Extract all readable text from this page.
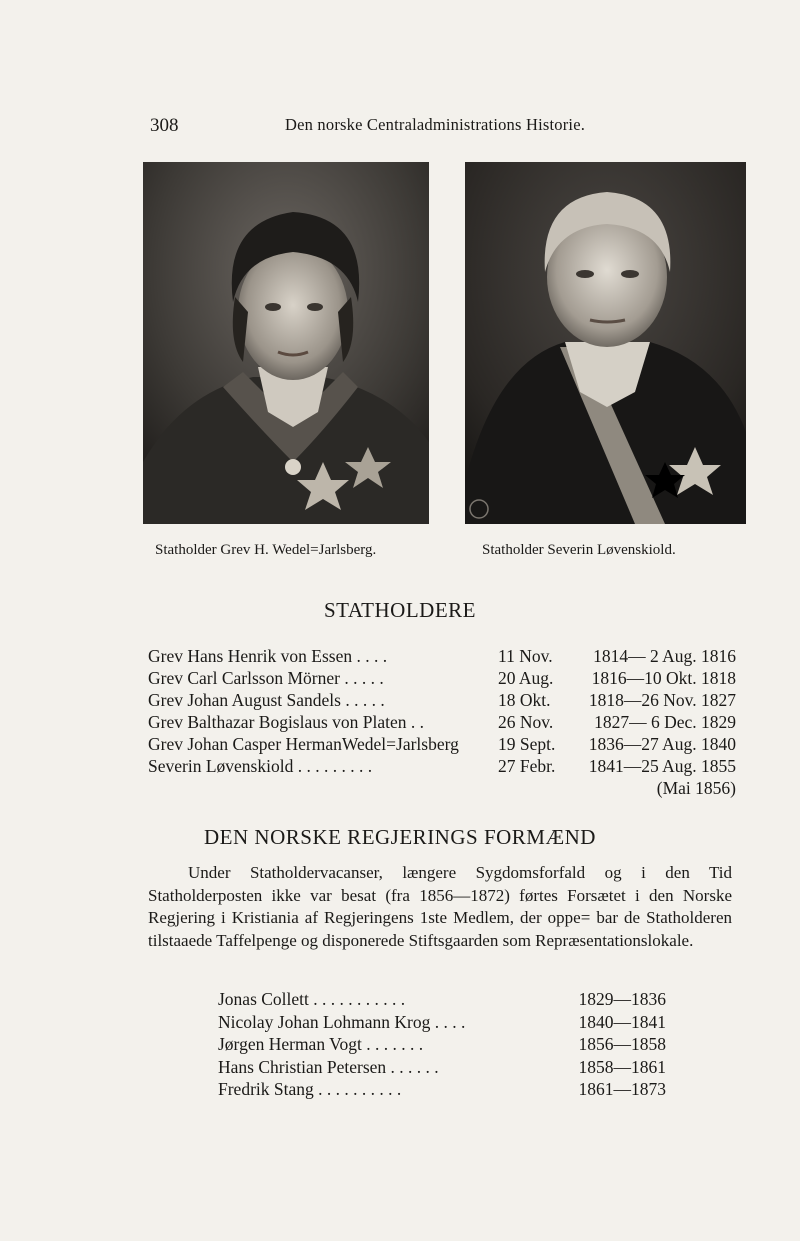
308	Den norske Centraladministrations Historie.
Statholder Grev H. Wedel=Jarlsberg.	Statholder Severin Løvenskiold.
STATHOLDERE
Grev Hans Henrik von Essen . . . .	11 Nov.	1814— 2 Aug. 1816
Grev Carl Carlsson Mörner . . . . .	20 Aug.	1816—10 Okt. 1818
Grev Johan August Sandels . . . . .	18 Okt.	1818—26 Nov. 1827
Grev Balthazar Bogislaus von Platen . .	26 Nov.	1827— 6 Dec. 1829
Grev Johan Casper HermanWedel=Jarlsberg	19 Sept.	1836—27 Aug. 1840
Severin Løvenskiold . . . . . . . . .	27 Febr.	1841—25 Aug. 1855
(Mai 1856)
DEN NORSKE REGJERINGS FORMÆND
Under Statholdervacanser, længere Sygdomsforfald og i den Tid Statholderposten ikke var besat (fra 1856—1872) førtes Forsætet i den Norske Regjering i Kristiania af Regjeringens 1ste Medlem, der oppe= bar de Statholderen tilstaaede Taffelpenge og disponerede Stiftsgaarden som Repræsentationslokale.
Jonas Collett . . . . . . . . . . .	1829—1836
Nicolay Johan Lohmann Krog . . . .	1840—1841
Jørgen Herman Vogt . . . . . . .	1856—1858
Hans Christian Petersen . . . . . .	1858—1861
Fredrik Stang . . . . . . . . . .	1861—1873
